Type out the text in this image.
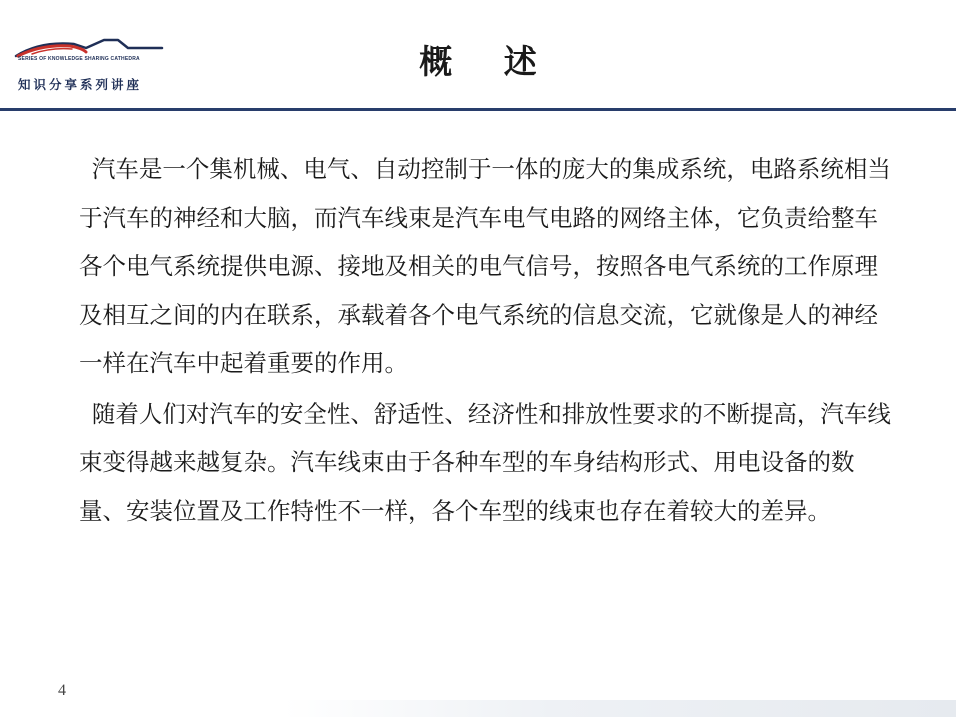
SERIES OF KNOWLEDGE SHARING CATHEDRA
知识分享系列讲座
概 述

汽车是一个集机械、电气、自动控制于一体的庞大的集成系统，电路系统相当于汽车的神经和大脑，而汽车线束是汽车电气电路的网络主体，它负责给整车各个电气系统提供电源、接地及相关的电气信号，按照各电气系统的工作原理及相互之间的内在联系，承载着各个电气系统的信息交流，它就像是人的神经一样在汽车中起着重要的作用。

随着人们对汽车的安全性、舒适性、经济性和排放性要求的不断提高，汽车线束变得越来越复杂。汽车线束由于各种车型的车身结构形式、用电设备的数量、安装位置及工作特性不一样，各个车型的线束也存在着较大的差异。

4
